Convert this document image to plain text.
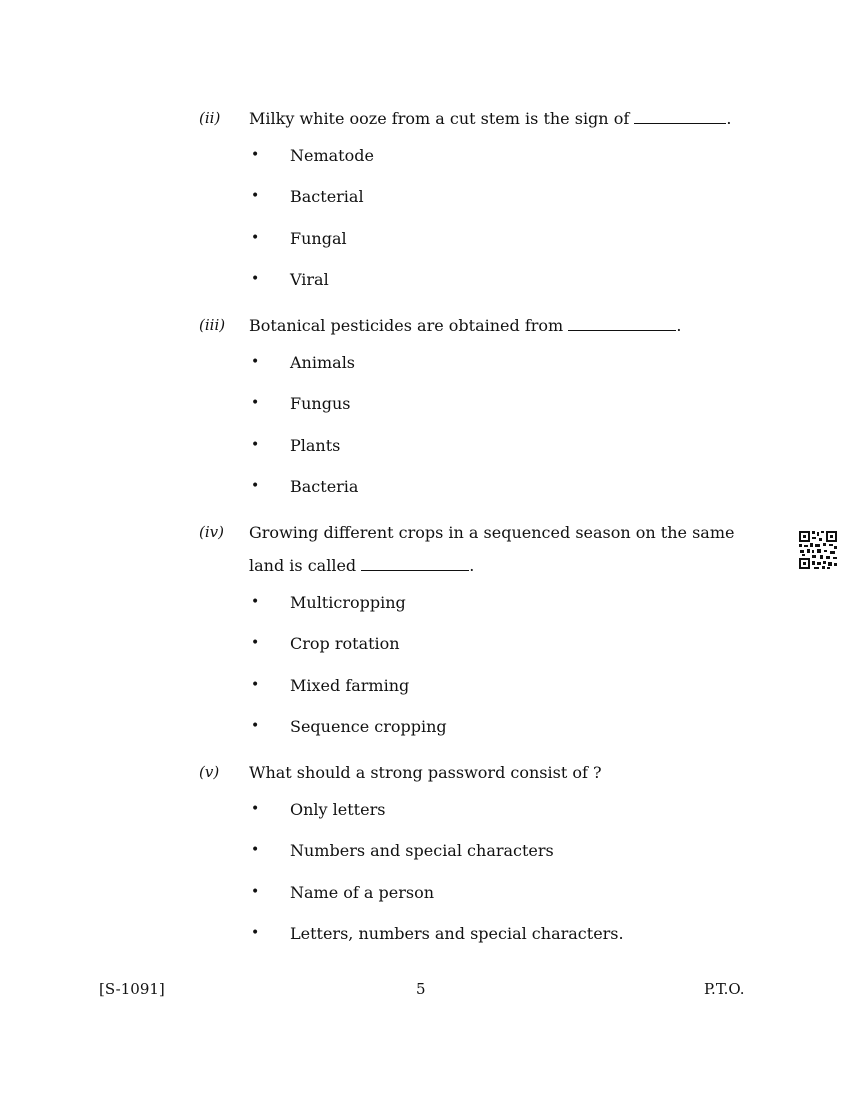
(ii) Milky white ooze from a cut stem is the sign of	.
• Nematode
• Bacterial
• Fungal
• Viral
(iii) Botanical pesticides are obtained from	.
• Animals
• Fungus
• Plants
• Bacteria
(iv) Growing different crops in a sequenced season on the same land is called	.
• Multicropping
• Crop rotation
• Mixed farming
• Sequence cropping
(v) What should a strong password consist of ?
• Only letters
• Numbers and special characters
• Name of a person
• Letters, numbers and special characters.
[S-1091]	5	P.T.O.
